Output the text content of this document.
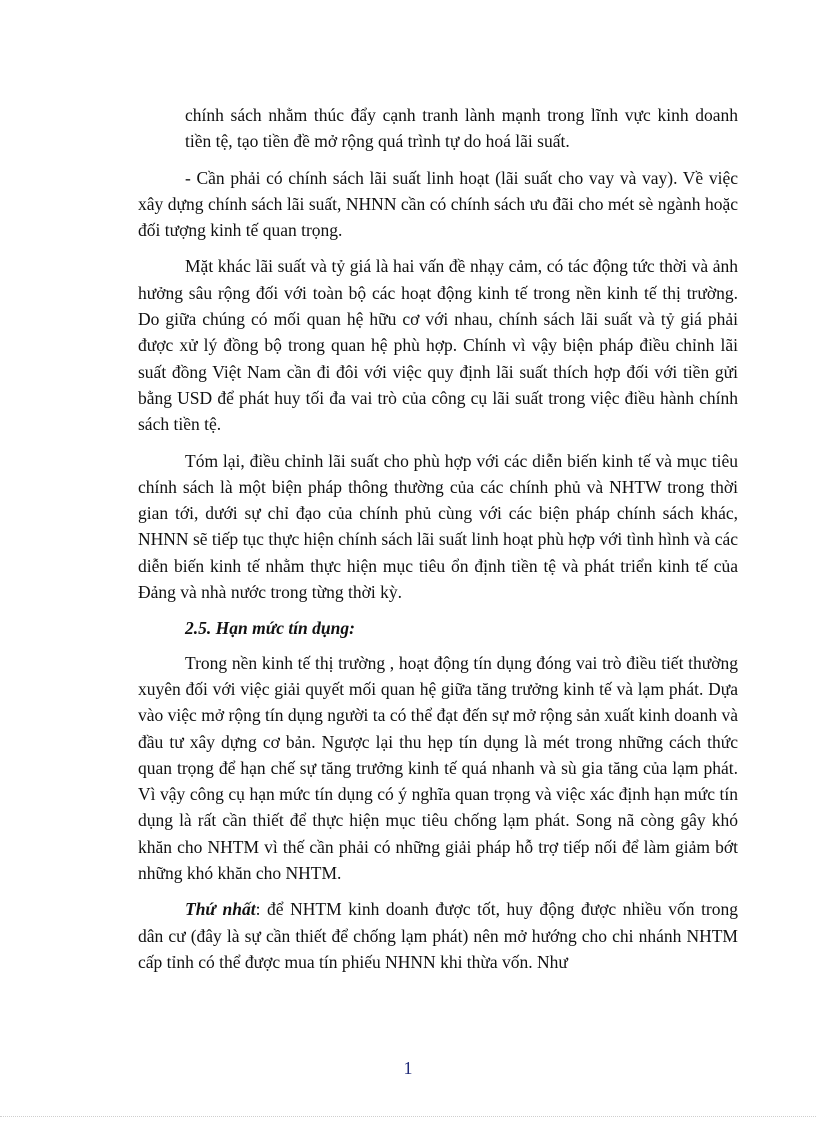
chính sách nhằm thúc đẩy cạnh tranh lành mạnh trong lĩnh vực kinh doanh tiền tệ, tạo tiền đề mở rộng quá trình tự do hoá lãi suất.

- Cần phải có chính sách lãi suất linh hoạt (lãi suất cho vay và vay). Về việc xây dựng chính sách lãi suất, NHNN cần có chính sách ưu đãi cho mét sè ngành hoặc đối tượng kinh tế quan trọng.

Mặt khác lãi suất và tỷ giá là hai vấn đề nhạy cảm, có tác động tức thời và ảnh hưởng sâu rộng đối với toàn bộ các hoạt động kinh tế trong nền kinh tế thị trường. Do giữa chúng có mối quan hệ hữu cơ với nhau, chính sách lãi suất và tỷ giá phải được xử lý đồng bộ trong quan hệ phù hợp. Chính vì vậy biện pháp điều chỉnh lãi suất đồng Việt Nam cần đi đôi với việc quy định lãi suất thích hợp đối với tiền gửi bằng USD để phát huy tối đa vai trò của công cụ lãi suất trong việc điều hành chính sách tiền tệ.

Tóm lại, điều chỉnh lãi suất cho phù hợp với các diễn biến kinh tế và mục tiêu chính sách là một biện pháp thông thường của các chính phủ và NHTW trong thời gian tới, dưới sự chỉ đạo của chính phủ cùng với các biện pháp chính sách khác, NHNN sẽ tiếp tục thực hiện chính sách lãi suất linh hoạt phù hợp với tình hình và các diễn biến kinh tế nhằm thực hiện mục tiêu ổn định tiền tệ và phát triển kinh tế của Đảng và nhà nước trong từng thời kỳ.

2.5. Hạn mức tín dụng:

Trong nền kinh tế thị trường , hoạt động tín dụng đóng vai trò điều tiết thường xuyên đối với việc giải quyết mối quan hệ giữa tăng trưởng kinh tế và lạm phát. Dựa vào việc mở rộng tín dụng người ta có thể đạt đến sự mở rộng sản xuất kinh doanh và đầu tư xây dựng cơ bản. Ngược lại thu hẹp tín dụng là mét trong những cách thức quan trọng để hạn chế sự tăng trưởng kinh tế quá nhanh và sù gia tăng của lạm phát. Vì vậy công cụ hạn mức tín dụng có ý nghĩa quan trọng và việc xác định hạn mức tín dụng là rất cần thiết để thực hiện mục tiêu chống lạm phát. Song nã còng gây khó khăn cho NHTM vì thế cần phải có những giải pháp hỗ trợ tiếp nối để làm giảm bớt những khó khăn cho NHTM.

Thứ nhất: để NHTM kinh doanh được tốt, huy động được nhiều vốn trong dân cư (đây là sự cần thiết để chống lạm phát) nên mở hướng cho chi nhánh NHTM cấp tỉnh có thể được mua tín phiếu NHNN khi thừa vốn. Như

1
